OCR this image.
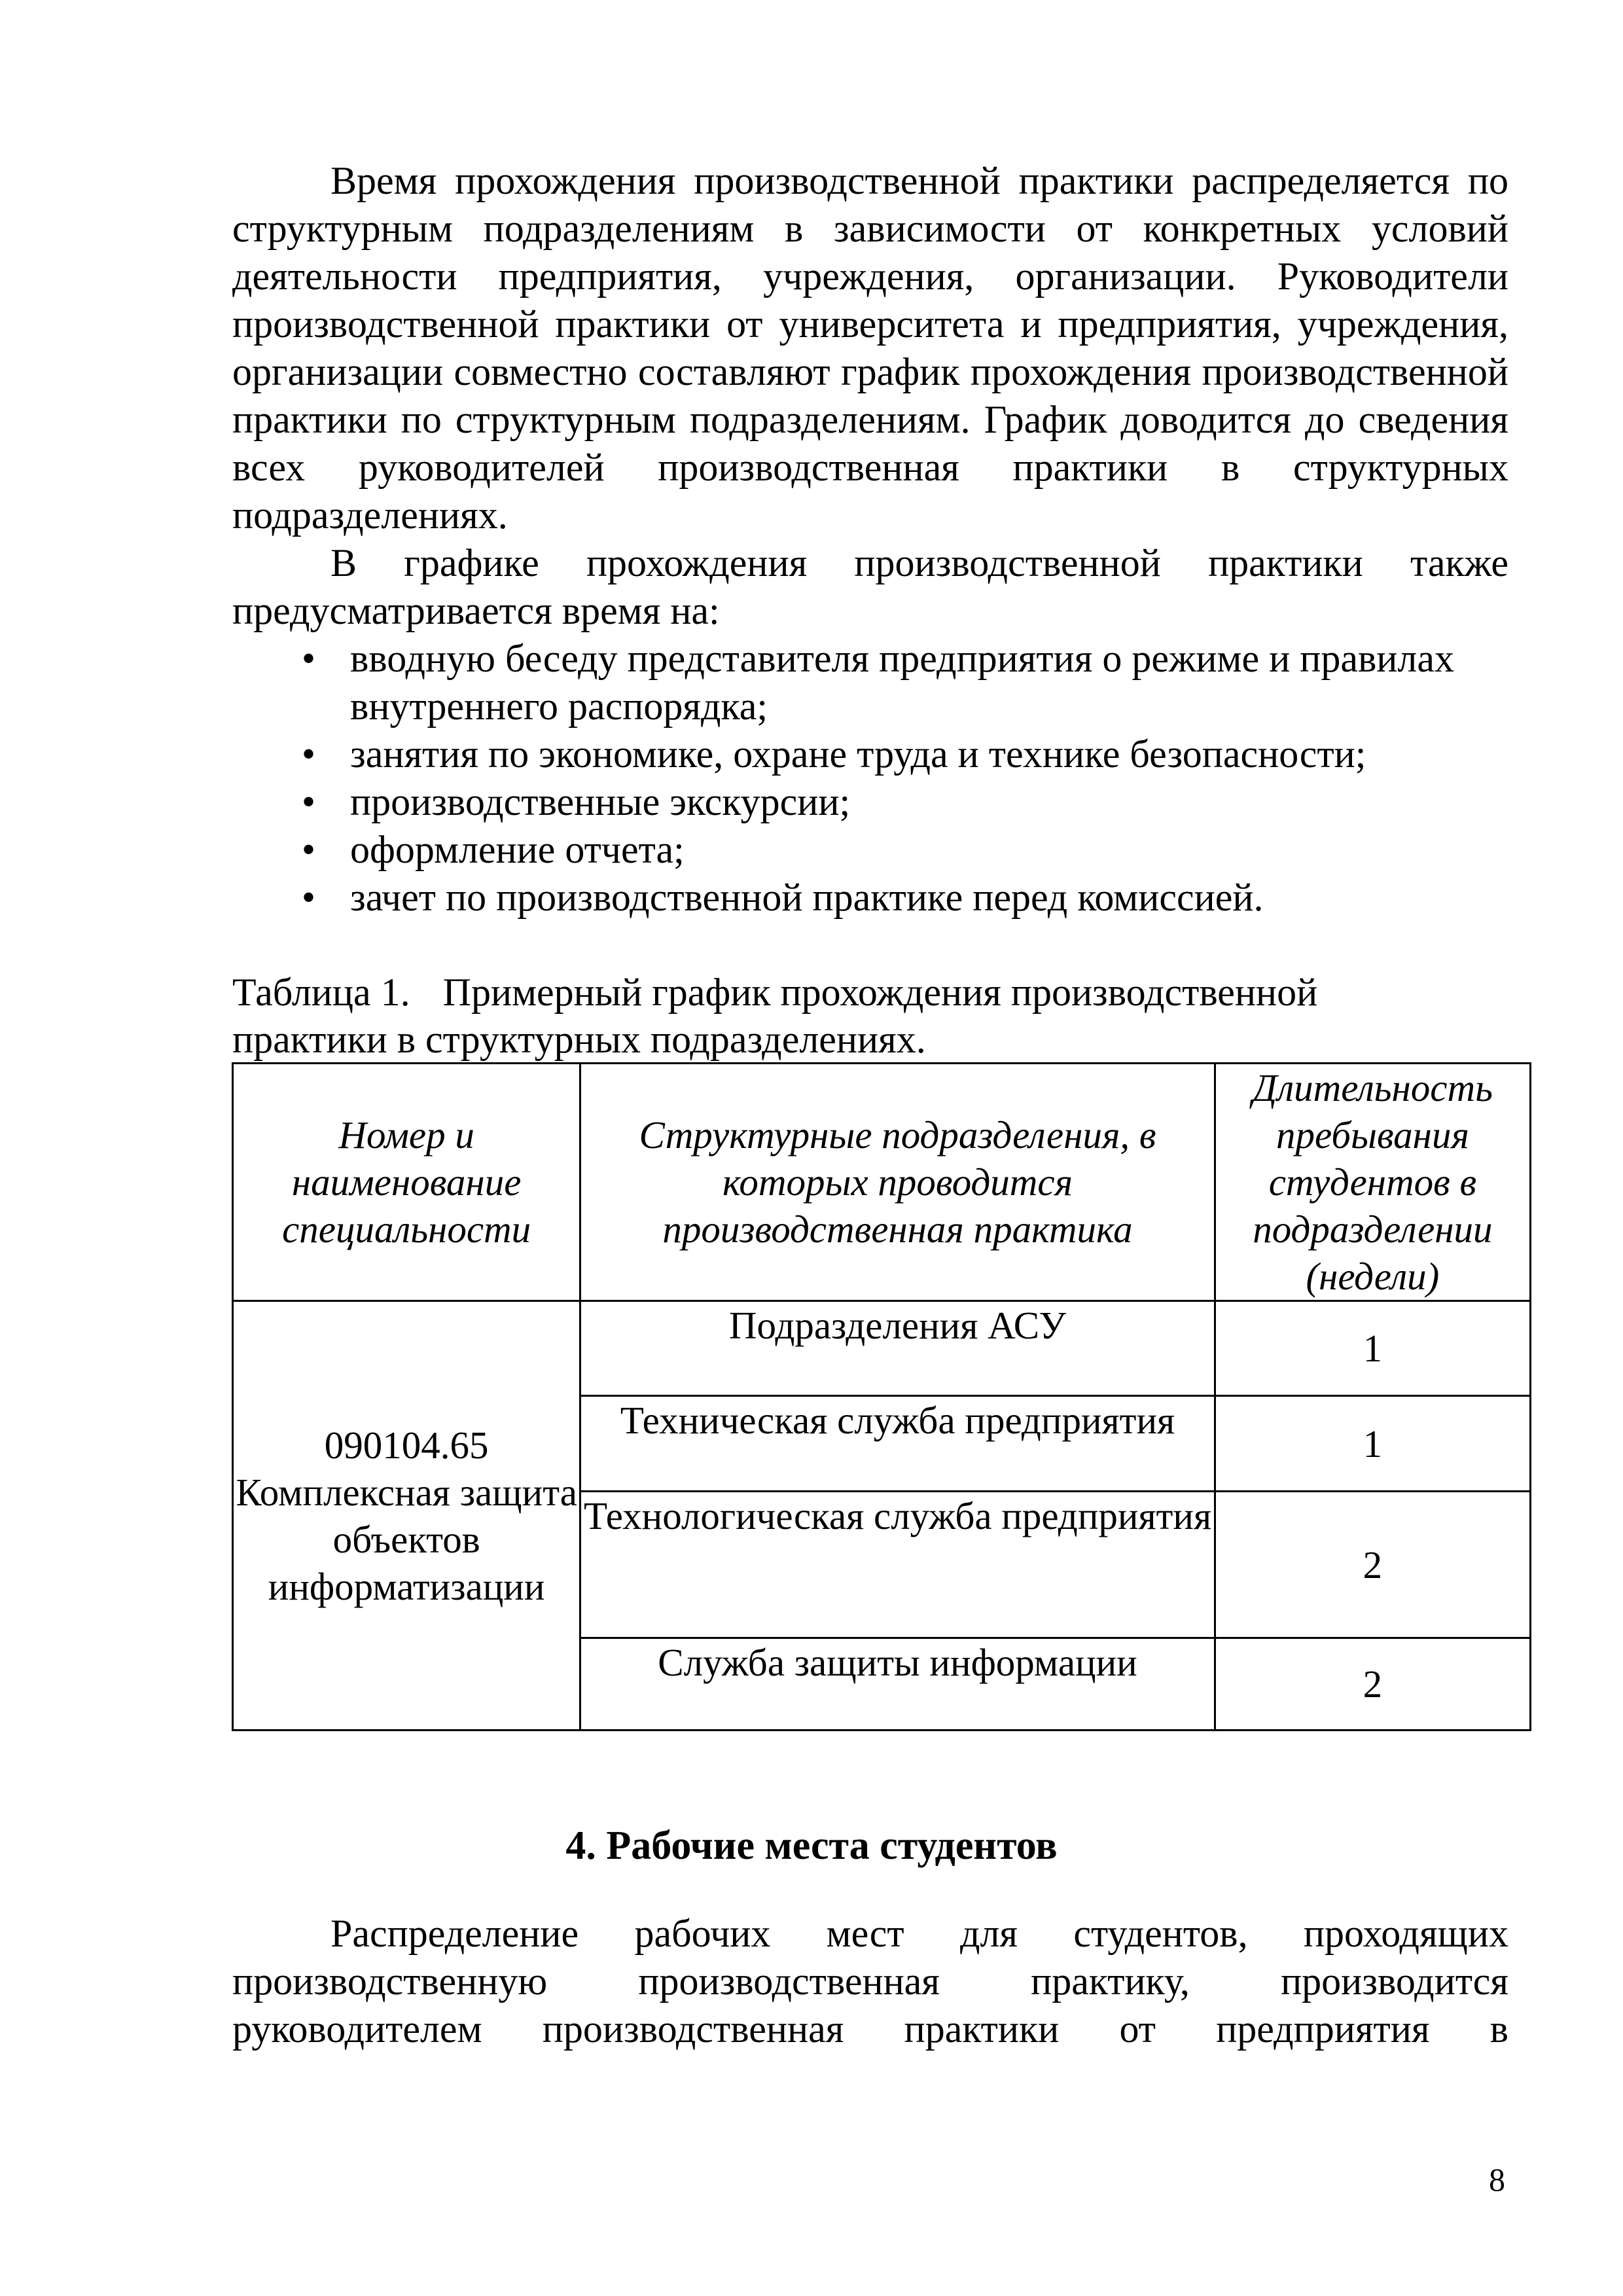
Время прохождения производственной практики распределяется по структурным подразделениям в зависимости от конкретных условий деятельности предприятия, учреждения, организации. Руководители производственной практики от университета и предприятия, учреждения, организации совместно составляют график прохождения производственной практики по структурным подразделениям. График доводится до сведения всех руководителей производственная практики в структурных подразделениях.

В графике прохождения производственной практики также предусматривается время на:

• вводную беседу представителя предприятия о режиме и правилах внутреннего распорядка;
• занятия по экономике, охране труда и технике безопасности;
• производственные экскурсии;
• оформление отчета;
• зачет по производственной практике перед комиссией.
Таблица 1. Примерный график прохождения производственной практики в структурных подразделениях.
Номер и наименование специальности	Структурные подразделения, в которых проводится производственная практика	Длительность пребывания студентов в подразделении (недели)
090104.65 Комплексная защита объектов информатизации	Подразделения АСУ	1
	Техническая служба предприятия	1
	Технологическая служба предприятия	2
	Служба защиты информации	2
4. Рабочие места студентов

Распределение рабочих мест для студентов, проходящих производственную производственная практику, производится руководителем производственная практики от предприятия в

8
